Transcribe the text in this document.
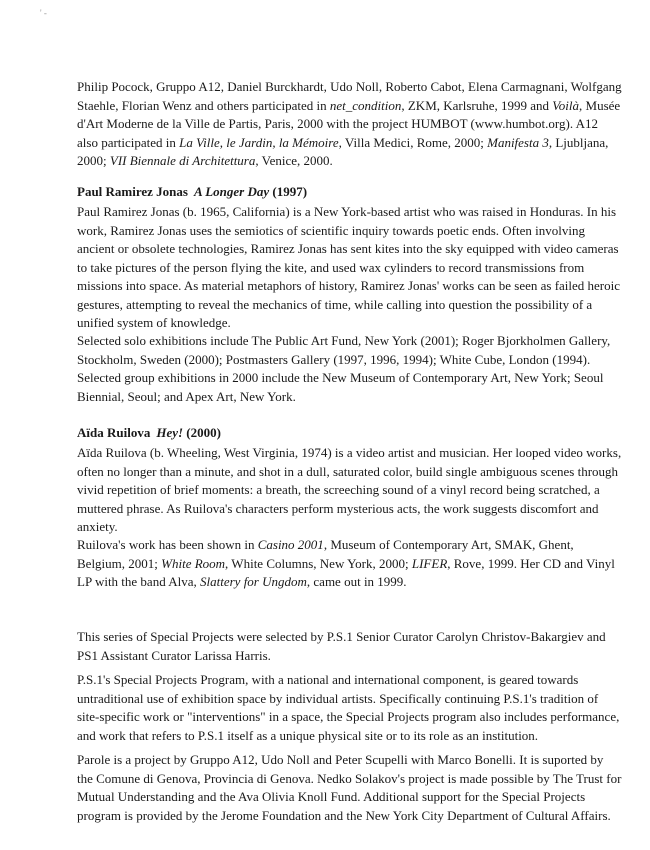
' -

Philip Pocock, Gruppo A12, Daniel Burckhardt, Udo Noll, Roberto Cabot, Elena Carmagnani, Wolfgang Staehle, Florian Wenz and others participated in net_condition, ZKM, Karlsruhe, 1999 and Voilà, Musée d'Art Moderne de la Ville de Partis, Paris, 2000 with the project HUMBOT (www.humbot.org). A12 also participated in La Ville, le Jardin, la Mémoire, Villa Medici, Rome, 2000; Manifesta 3, Ljubljana, 2000; VII Biennale di Architettura, Venice, 2000.

Paul Ramirez Jonas A Longer Day (1997)

Paul Ramirez Jonas (b. 1965, California) is a New York-based artist who was raised in Honduras. In his work, Ramirez Jonas uses the semiotics of scientific inquiry towards poetic ends. Often involving ancient or obsolete technologies, Ramirez Jonas has sent kites into the sky equipped with video cameras to take pictures of the person flying the kite, and used wax cylinders to record transmissions from missions into space. As material metaphors of history, Ramirez Jonas' works can be seen as failed heroic gestures, attempting to reveal the mechanics of time, while calling into question the possibility of a unified system of knowledge.

Selected solo exhibitions include The Public Art Fund, New York (2001); Roger Bjorkholmen Gallery, Stockholm, Sweden (2000); Postmasters Gallery (1997, 1996, 1994); White Cube, London (1994). Selected group exhibitions in 2000 include the New Museum of Contemporary Art, New York; Seoul Biennial, Seoul; and Apex Art, New York.

Aïda Ruilova Hey! (2000)

Aïda Ruilova (b. Wheeling, West Virginia, 1974) is a video artist and musician. Her looped video works, often no longer than a minute, and shot in a dull, saturated color, build single ambiguous scenes through vivid repetition of brief moments: a breath, the screeching sound of a vinyl record being scratched, a muttered phrase. As Ruilova's characters perform mysterious acts, the work suggests discomfort and anxiety.

Ruilova's work has been shown in Casino 2001, Museum of Contemporary Art, SMAK, Ghent, Belgium, 2001; White Room, White Columns, New York, 2000; LIFER, Rove, 1999. Her CD and Vinyl LP with the band Alva, Slattery for Ungdom, came out in 1999.

This series of Special Projects were selected by P.S.1 Senior Curator Carolyn Christov-Bakargiev and PS1 Assistant Curator Larissa Harris.

P.S.1's Special Projects Program, with a national and international component, is geared towards untraditional use of exhibition space by individual artists. Specifically continuing P.S.1's tradition of site-specific work or "interventions" in a space, the Special Projects program also includes performance, and work that refers to P.S.1 itself as a unique physical site or to its role as an institution.

Parole is a project by Gruppo A12, Udo Noll and Peter Scupelli with Marco Bonelli. It is suported by the Comune di Genova, Provincia di Genova. Nedko Solakov's project is made possible by The Trust for Mutual Understanding and the Ava Olivia Knoll Fund. Additional support for the Special Projects program is provided by the Jerome Foundation and the New York City Department of Cultural Affairs.
